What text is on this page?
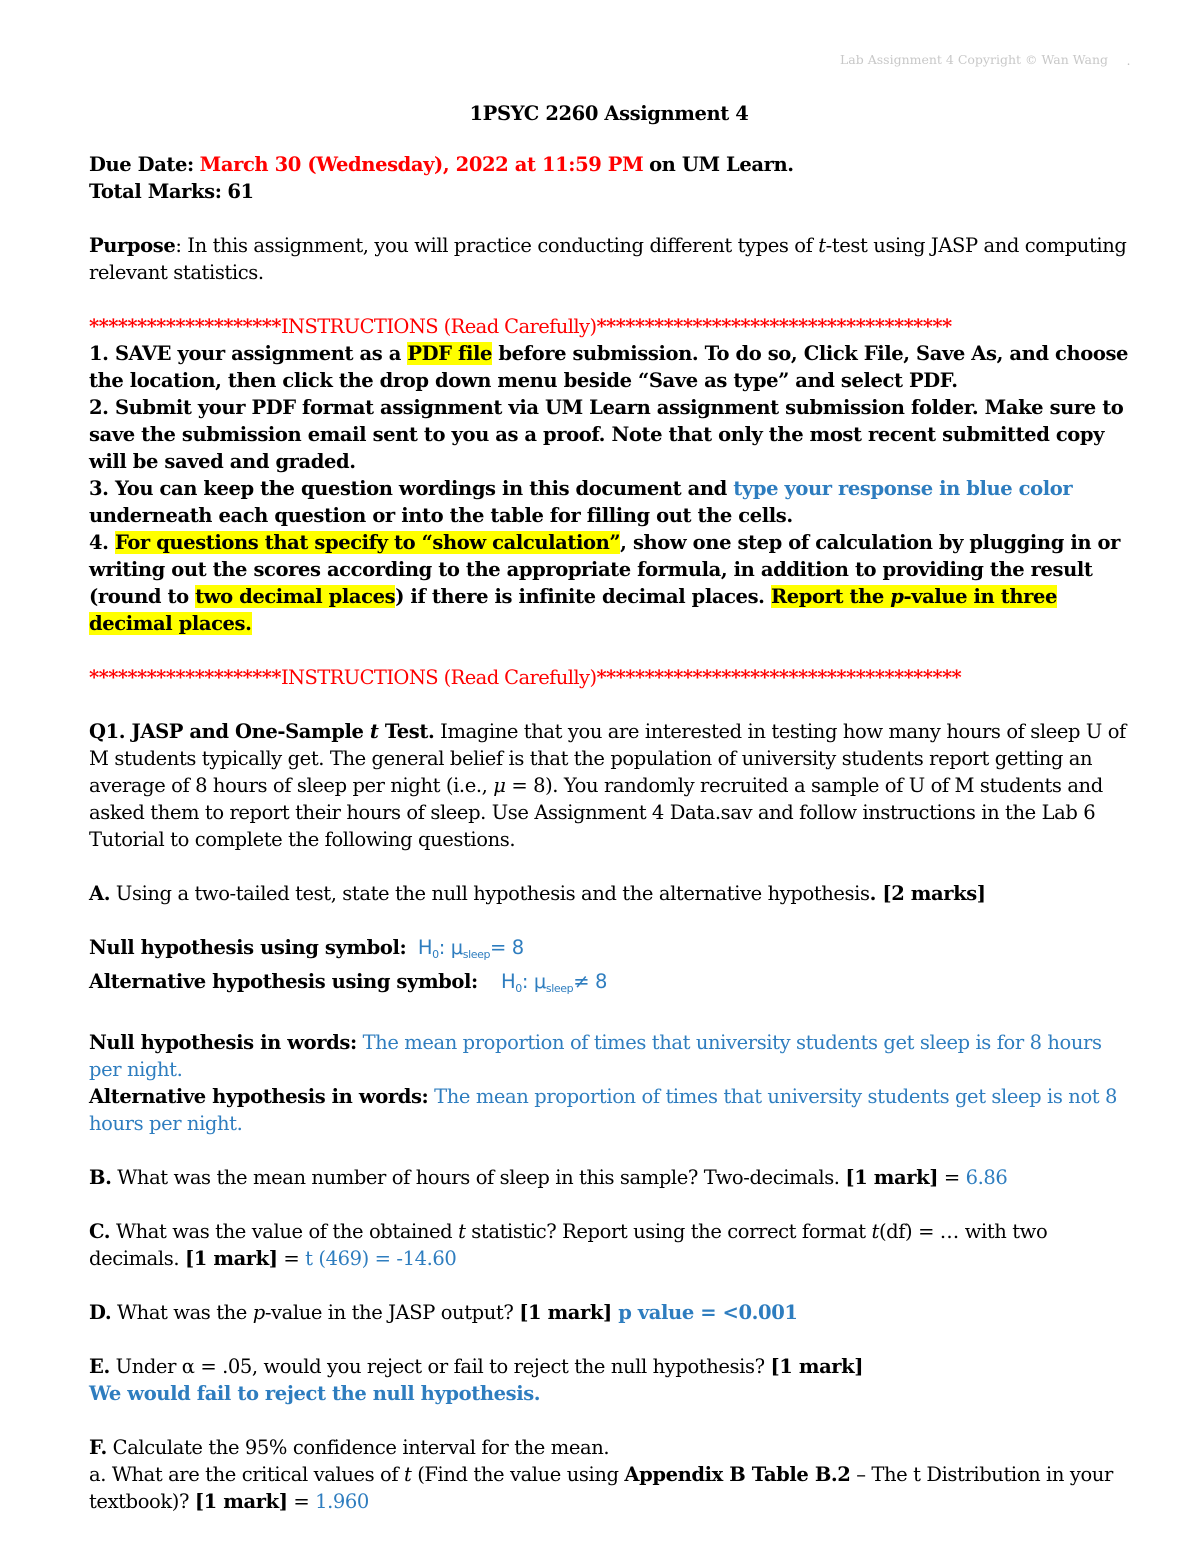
Lab Assignment 4 Copyright © Wan Wang .

1PSYC 2260 Assignment 4

Due Date: March 30 (Wednesday), 2022 at 11:59 PM on UM Learn.

Total Marks: 61

Purpose: In this assignment, you will practice conducting different types of t-test using JASP and computing relevant statistics.

********************INSTRUCTIONS (Read Carefully)*************************************

1. SAVE your assignment as a PDF file before submission. To do so, Click File, Save As, and choose the location, then click the drop down menu beside “Save as type” and select PDF.

2. Submit your PDF format assignment via UM Learn assignment submission folder. Make sure to save the submission email sent to you as a proof. Note that only the most recent submitted copy will be saved and graded.

3. You can keep the question wordings in this document and type your response in blue color underneath each question or into the table for filling out the cells.

4. For questions that specify to “show calculation”, show one step of calculation by plugging in or writing out the scores according to the appropriate formula, in addition to providing the result (round to two decimal places) if there is infinite decimal places. Report the p-value in three decimal places.

********************INSTRUCTIONS (Read Carefully)**************************************

Q1. JASP and One-Sample t Test. Imagine that you are interested in testing how many hours of sleep U of M students typically get. The general belief is that the population of university students report getting an average of 8 hours of sleep per night (i.e., μ = 8). You randomly recruited a sample of U of M students and asked them to report their hours of sleep. Use Assignment 4 Data.sav and follow instructions in the Lab 6 Tutorial to complete the following questions.

A. Using a two-tailed test, state the null hypothesis and the alternative hypothesis. [2 marks]

Null hypothesis using symbol: $H_0$: $\mu_{sleep}= 8$

Alternative hypothesis using symbol: $H_0$: $\mu_{sleep}\ne 8$

Null hypothesis in words: The mean proportion of times that university students get sleep is for 8 hours per night.

Alternative hypothesis in words: The mean proportion of times that university students get sleep is not 8 hours per night.

B. What was the mean number of hours of sleep in this sample? Two-decimals. [1 mark] = 6.86

C. What was the value of the obtained t statistic? Report using the correct format t(df) = … with two decimals. [1 mark] = t (469) = -14.60

D. What was the p-value in the JASP output? [1 mark] p value = <0.001

E. Under α = .05, would you reject or fail to reject the null hypothesis? [1 mark]

We would fail to reject the null hypothesis.

F. Calculate the 95% confidence interval for the mean.

a. What are the critical values of t (Find the value using Appendix B Table B.2 – The t Distribution in your textbook)? [1 mark] = 1.960
